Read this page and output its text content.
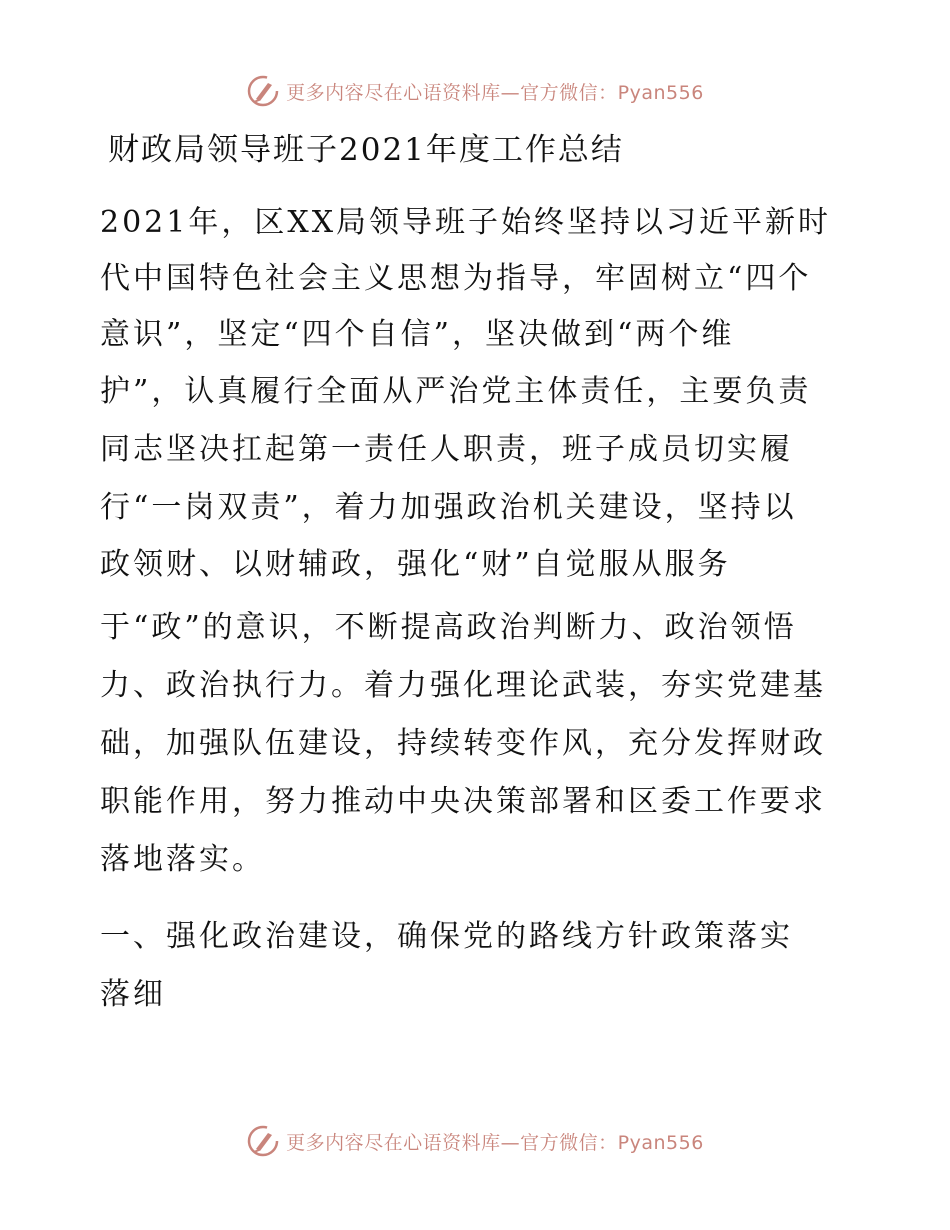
更多内容尽在心语资料库—官方微信：Pyan556
财政局领导班子2021年度工作总结
2021年，区XX局领导班子始终坚持以习近平新时
代中国特色社会主义思想为指导，牢固树立“四个
意识”，坚定“四个自信”，坚决做到“两个维
护”，认真履行全面从严治党主体责任，主要负责
同志坚决扛起第一责任人职责，班子成员切实履
行“一岗双责”，着力加强政治机关建设，坚持以
政领财、以财辅政，强化“财”自觉服从服务
于“政”的意识，不断提高政治判断力、政治领悟
力、政治执行力。着力强化理论武装，夯实党建基
础，加强队伍建设，持续转变作风，充分发挥财政
职能作用，努力推动中央决策部署和区委工作要求
落地落实。
一、强化政治建设，确保党的路线方针政策落实
落细
更多内容尽在心语资料库—官方微信：Pyan556
